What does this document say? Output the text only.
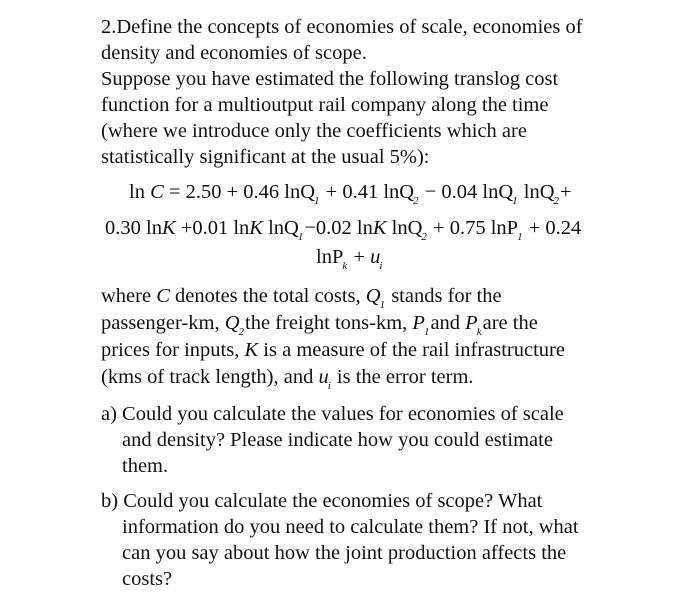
2.Define the concepts of economies of scale, economies of
density and economies of scope.
Suppose you have estimated the following translog cost
function for a multioutput rail company along the time
(where we introduce only the coefficients which are
statistically significant at the usual 5%):
ln C = 2.50 + 0.46 lnQ$_1$ + 0.41 lnQ$_2$ − 0.04 lnQ$_1$ lnQ$_2$+
0.30 lnK +0.01 lnK lnQ$_1$−0.02 lnK lnQ$_2$ + 0.75 lnP$_1$ + 0.24
$\ln P_k + u_i$
where C denotes the total costs, $Q_1$ stands for the
passenger-km, $Q_2the$ freight tons-km, $P_1and$ $P_kare$ the
prices for inputs, K is a measure of the rail infrastructure
(kms of track length), and $u_i$ is the error term.
a) Could you calculate the values for economies of scale
and density? Please indicate how you could estimate
them.
b) Could you calculate the economies of scope? What
information do you need to calculate them? If not, what
can you say about how the joint production affects the
costs?
